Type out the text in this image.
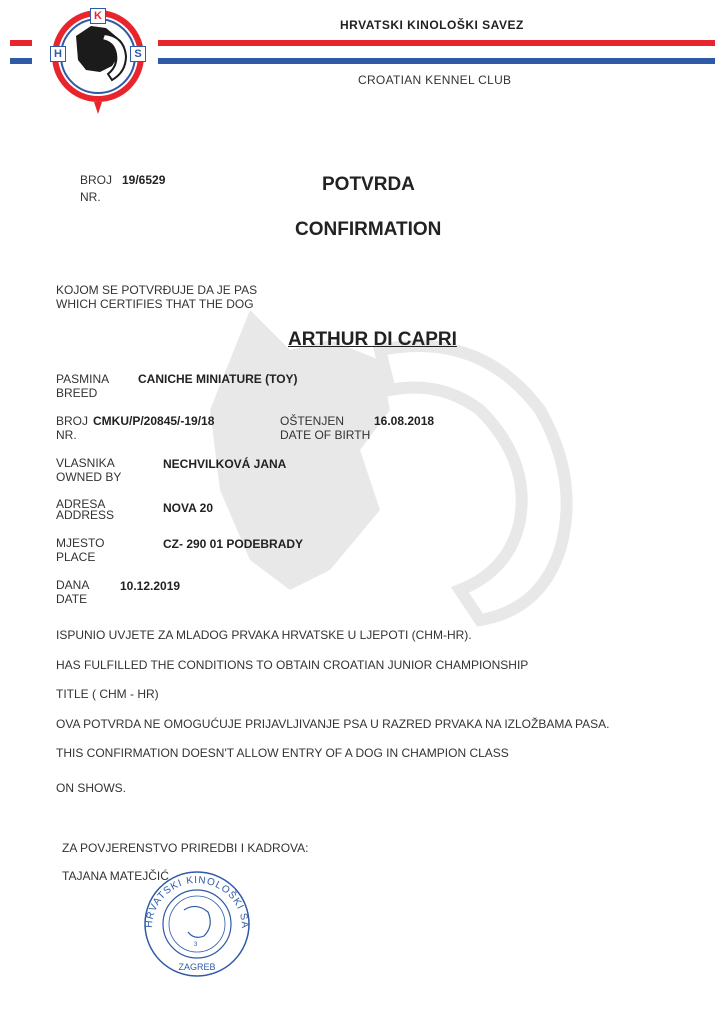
K
H	S
HRVATSKI KINOLOŠKI SAVEZ
CROATIAN KENNEL CLUB
BROJ 19/6529
NR.
POTVRDA
CONFIRMATION
KOJOM SE POTVRĐUJE DA JE PAS
WHICH CERTIFIES THAT THE DOG
ARTHUR DI CAPRI
PASMINA
BREED
CANICHE MINIATURE (TOY)
BROJ CMKU/P/20845/-19/18
NR.
OŠTENJEN
DATE OF BIRTH
16.08.2018
VLASNIKA
OWNED BY
NECHVILKOVÁ JANA
ADRESA
ADDRESS	NOVA 20
MJESTO
PLACE
CZ- 290 01 PODEBRADY
DANA
DATE
10.12.2019
ISPUNIO UVJETE ZA MLADOG PRVAKA HRVATSKE U LJEPOTI (CHM-HR).
HAS FULFILLED THE CONDITIONS TO OBTAIN CROATIAN JUNIOR CHAMPIONSHIP
TITLE ( CHM - HR)
OVA POTVRDA NE OMOGUĆUJE PRIJAVLJIVANJE PSA U RAZRED PRVAKA NA IZLOŽBAMA PASA.
THIS CONFIRMATION DOESN'T ALLOW ENTRY OF A DOG IN CHAMPION CLASS
ON SHOWS.
ZA POVJERENSTVO PRIREDBI I KADROVA:
TAJANA MATEJČIĆ
HRVATSKI KINOLOŠKI SA
3
ZAGREB
